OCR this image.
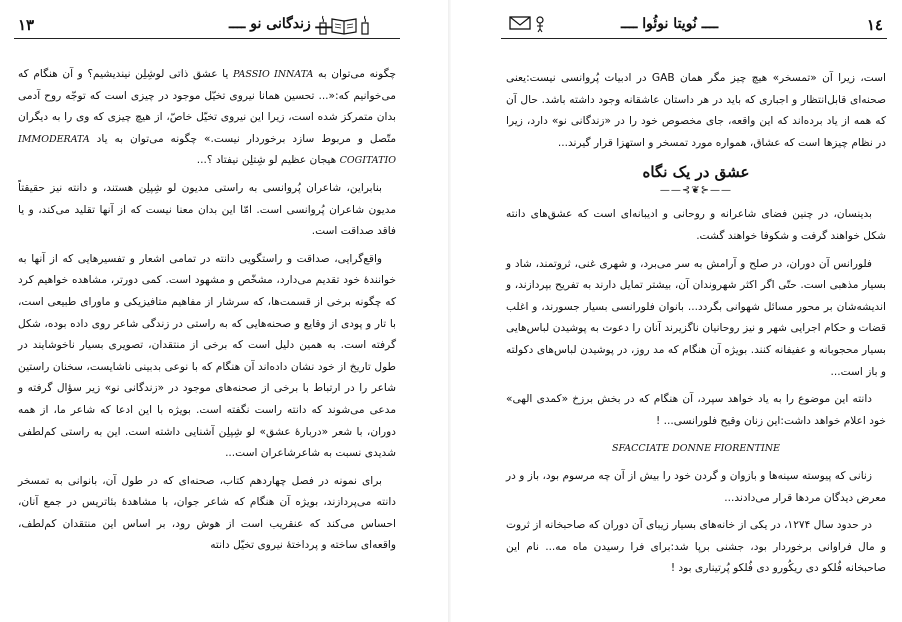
١٣	ــــ زندگانی نو ــــ

چگونه می‌توان به PASSIO INNATA یا عشق ذاتی لوشِلِن نیندیشیم؟ و آن هنگام که می‌خوانیم که:«... تحسین همانا نیروی تخیّل موجود در چیزی است که توجّه روح آدمی بدان متمرکز شده است، زیرا این نیروی تخیّل خاصّ، از هیچ چیزی که وی را به دیگران متّصل و مربوط سازد برخوردار نیست.» چگونه می‌توان به یاد IMMODERATA COGITATIO هیجان عظیم لو شِتلِن نیفتاد ؟...

بنابراین، شاعران پُروانسی به راستی مدیون لو شِپلِن هستند، و دانته نیز حقیقتاً مدیون شاعران پُروانسی است. امّا این بدان معنا نیست که از آنها تقلید می‌کند، و یا فاقد صداقت است.

واقع‌گرایی، صداقت و راستگویی دانته در تمامی اشعار و تفسیرهایی که از آنها به خوانندهٔ خود تقدیم می‌دارد، مشخّص و مشهود است. کمی دورتر، مشاهده خواهیم کرد که چگونه برخی از قسمت‌ها، که سرشار از مفاهیم متافیزیکی و ماورای طبیعی است، با تار و پودی از وقایع و صحنه‌هایی که به راستی در زندگی شاعر روی داده بوده، شکل گرفته است. به همین دلیل است که برخی از منتقدان، تصویری بسیار ناخوشایند در طول تاریخ از خود نشان داده‌اند آن هنگام که با نوعی بدبینی ناشایست، سخنان راستین شاعر را در ارتباط با برخی از صحنه‌های موجود در «زندگانی نو» زیر سؤال گرفته و مدعی می‌شوند که دانته راست نگفته است. بویژه با این ادعا که شاعر ما، از همه دوران، با شعر «دربارهٔ عشق» لو شِپلِن آشنایی داشته است. این به راستی کم‌لطفی شدیدی نسبت به شاعرشاعران است...

برای نمونه در فصل چهاردهم کتاب، صحنه‌ای که در طول آن، بانوانی به تمسخر دانته می‌پردازند، بویژه آن هنگام که شاعر جوان، با مشاهدهٔ بئاتریس در جمع آنان، احساس می‌کند که عنقریب است از هوش رود، بر اساس این منتقدان کم‌لطف، واقعه‌ای ساخته و پرداختهٔ نیروی تخیّل دانته

ــــ نُویتا نوئُوا ــــ	١٤

است، زیرا آن «تمسخر» هیچ چیز مگر همان GAB در ادبیات پُروانسی نیست:یعنی صحنه‌ای قابل‌انتظار و اجباری که باید در هر داستان عاشقانه وجود داشته باشد. حال آن که همه از یاد برده‌اند که این واقعه، جای مخصوص خود را در «زندگانی نو» دارد، زیرا در نظام چیزها است که عشاق، همواره مورد تمسخر و استهزا قرار گیرند...

عشق در یک نگاه
——⊰❦⊱——

بدینسان، در چنین فضای شاعرانه و روحانی و ادیبانه‌ای است که عشق‌های دانته شکل خواهند گرفت و شکوفا خواهند گشت.

فلورانس آن دوران، در صلح و آرامش به سر می‌برد، و شهری غنی، ثروتمند، شاد و بسیار مذهبی است. حتّی اگر اکثر شهروندان آن، بیشتر تمایل دارند به تفریح بپردازند، و اندیشه‌شان بر محور مسائل شهوانی بگردد... بانوان فلورانسی بسیار جسورند، و اغلب قضات و حکام اجرایی شهر و نیز روحانیان ناگزیرند آنان را دعوت به پوشیدن لباس‌هایی بسیار محجوبانه و عفیفانه کنند. بویژه آن هنگام که مد روز، در پوشیدن لباس‌های دکولته و باز است...

دانته این موضوع را به یاد خواهد سپرد، آن هنگام که در بخش برزخ «کمدی الهی» خود اعلام خواهد داشت:این زنان وقیح فلورانسی... !

SFACCIATE DONNE FIORENTINE

زنانی که پیوسته سینه‌ها و بازوان و گردن خود را بیش از آن چه مرسوم بود، باز و در معرض دیدگان مردها قرار می‌دادند...

در حدود سال ۱۲۷۴، در یکی از خانه‌های بسیار زیبای آن دوران که صاحبخانه از ثروت و مال فراوانی برخوردار بود، جشنی برپا شد:برای فرا رسیدن ماه مه... نام این صاحبخانه فُلکو دی ریکُورو دی فُلکو پُرتیناری بود !
